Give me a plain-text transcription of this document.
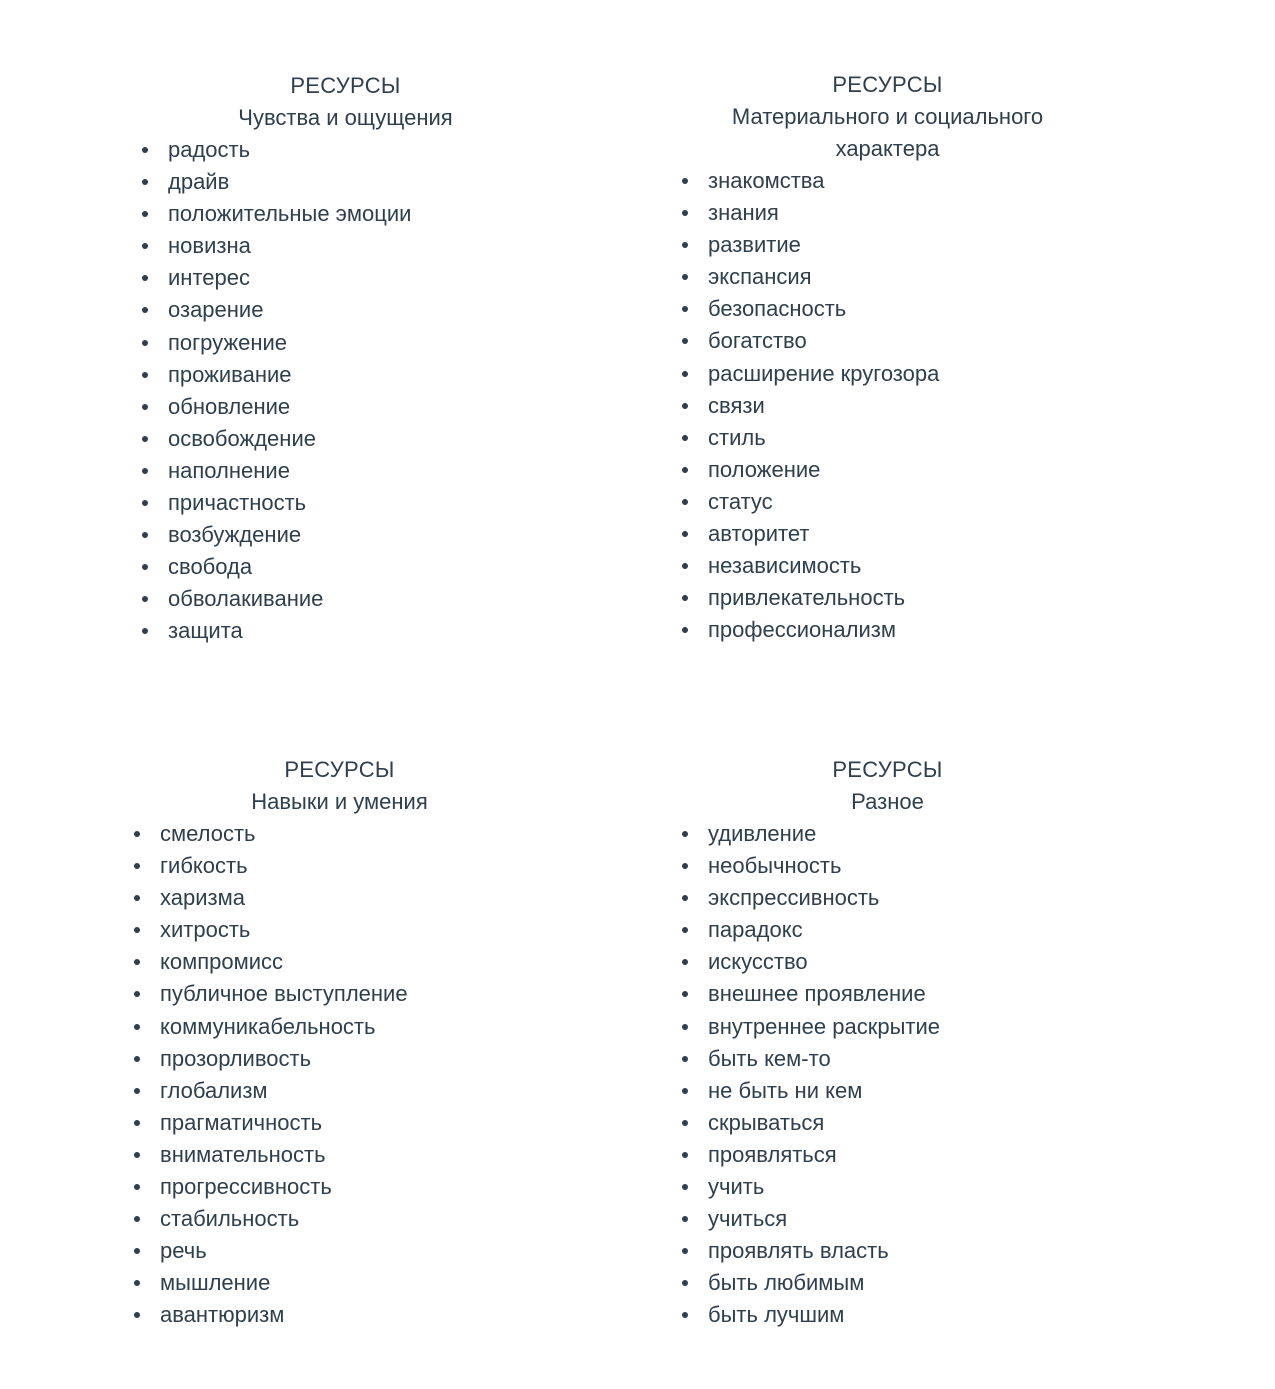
РЕСУРСЫ
Чувства и ощущения
радость
драйв
положительные эмоции
новизна
интерес
озарение
погружение
проживание
обновление
освобождение
наполнение
причастность
возбуждение
свобода
обволакивание
защита
РЕСУРСЫ
Материального и социального
характера
знакомства
знания
развитие
экспансия
безопасность
богатство
расширение кругозора
связи
стиль
положение
статус
авторитет
независимость
привлекательность
профессионализм
РЕСУРСЫ
Навыки и умения
смелость
гибкость
харизма
хитрость
компромисс
публичное выступление
коммуникабельность
прозорливость
глобализм
прагматичность
внимательность
прогрессивность
стабильность
речь
мышление
авантюризм
РЕСУРСЫ
Разное
удивление
необычность
экспрессивность
парадокс
искусство
внешнее проявление
внутреннее раскрытие
быть кем-то
не быть ни кем
скрываться
проявляться
учить
учиться
проявлять власть
быть любимым
быть лучшим
